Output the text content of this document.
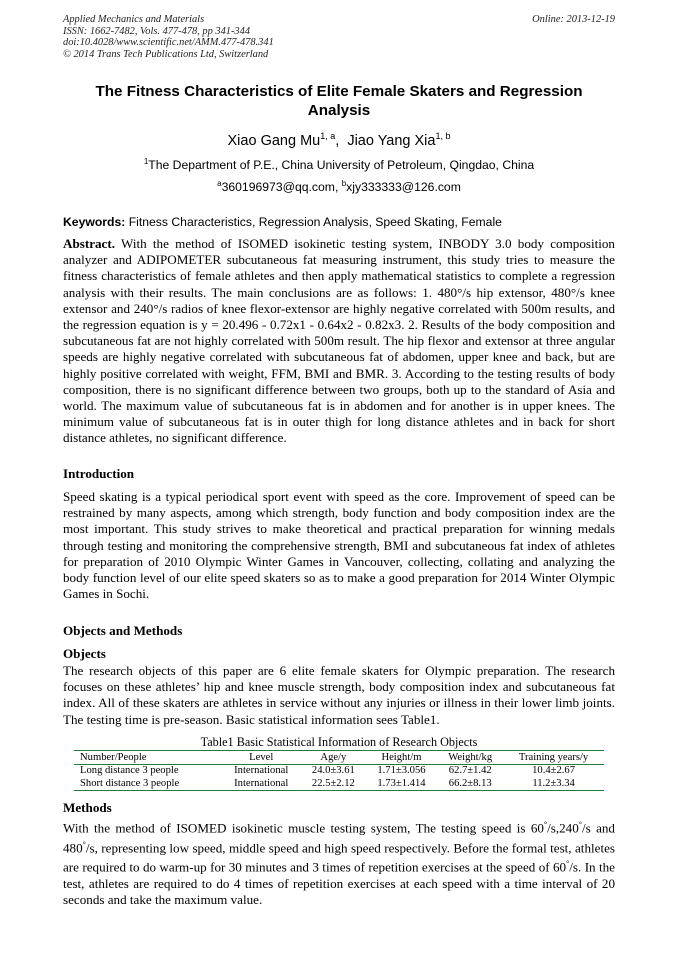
Applied Mechanics and Materials
ISSN: 1662-7482, Vols. 477-478, pp 341-344
doi:10.4028/www.scientific.net/AMM.477-478.341
© 2014 Trans Tech Publications Ltd, Switzerland
Online: 2013-12-19
The Fitness Characteristics of Elite Female Skaters and Regression Analysis
Xiao Gang Mu$^{1, a}$,  Jiao Yang Xia$^{1, b}$
$^1$The Department of P.E., China University of Petroleum, Qingdao, China
$^a$360196973@qq.com, $^b$xjy333333@126.com
Keywords: Fitness Characteristics, Regression Analysis, Speed Skating, Female
Abstract. With the method of ISOMED isokinetic testing system, INBODY 3.0 body composition analyzer and ADIPOMETER subcutaneous fat measuring instrument, this study tries to measure the fitness characteristics of female athletes and then apply mathematical statistics to complete a regression analysis with their results. The main conclusions are as follows: 1. 480°/s hip extensor, 480°/s knee extensor and 240°/s radios of knee flexor-extensor are highly negative correlated with 500m results, and the regression equation is y = 20.496 - 0.72x1 - 0.64x2 - 0.82x3. 2. Results of the body composition and subcutaneous fat are not highly correlated with 500m result. The hip flexor and extensor at three angular speeds are highly negative correlated with subcutaneous fat of abdomen, upper knee and back, but are highly positive correlated with weight, FFM, BMI and BMR. 3. According to the testing results of body composition, there is no significant difference between two groups, both up to the standard of Asia and world. The maximum value of subcutaneous fat is in abdomen and for another is in upper knees. The minimum value of subcutaneous fat is in outer thigh for long distance athletes and in back for short distance athletes, no significant difference.
Introduction
Speed skating is a typical periodical sport event with speed as the core. Improvement of speed can be restrained by many aspects, among which strength, body function and body composition index are the most important. This study strives to make theoretical and practical preparation for winning medals through testing and monitoring the comprehensive strength, BMI and subcutaneous fat index of athletes for preparation of 2010 Olympic Winter Games in Vancouver, collecting, collating and analyzing the body function level of our elite speed skaters so as to make a good preparation for 2014 Winter Olympic Games in Sochi.
Objects and Methods
Objects
The research objects of this paper are 6 elite female skaters for Olympic preparation. The research focuses on these athletes’ hip and knee muscle strength, body composition index and subcutaneous fat index. All of these skaters are athletes in service without any injuries or illness in their lower limb joints. The testing time is pre-season. Basic statistical information sees Table1.
Table1 Basic Statistical Information of Research Objects
Number/People	Level	Age/y	Height/m	Weight/kg	Training years/y
Long distance 3 people	International	24.0±3.61	1.71±3.056	62.7±1.42	10.4±2.67
Short distance 3 people	International	22.5±2.12	1.73±1.414	66.2±8.13	11.2±3.34
Methods
With the method of ISOMED isokinetic muscle testing system, The testing speed is 60°/s,240°/s and 480°/s, representing low speed, middle speed and high speed respectively. Before the formal test, athletes are required to do warm-up for 30 minutes and 3 times of repetition exercises at the speed of 60°/s. In the test, athletes are required to do 4 times of repetition exercises at each speed with a time interval of 20 seconds and take the maximum value.
